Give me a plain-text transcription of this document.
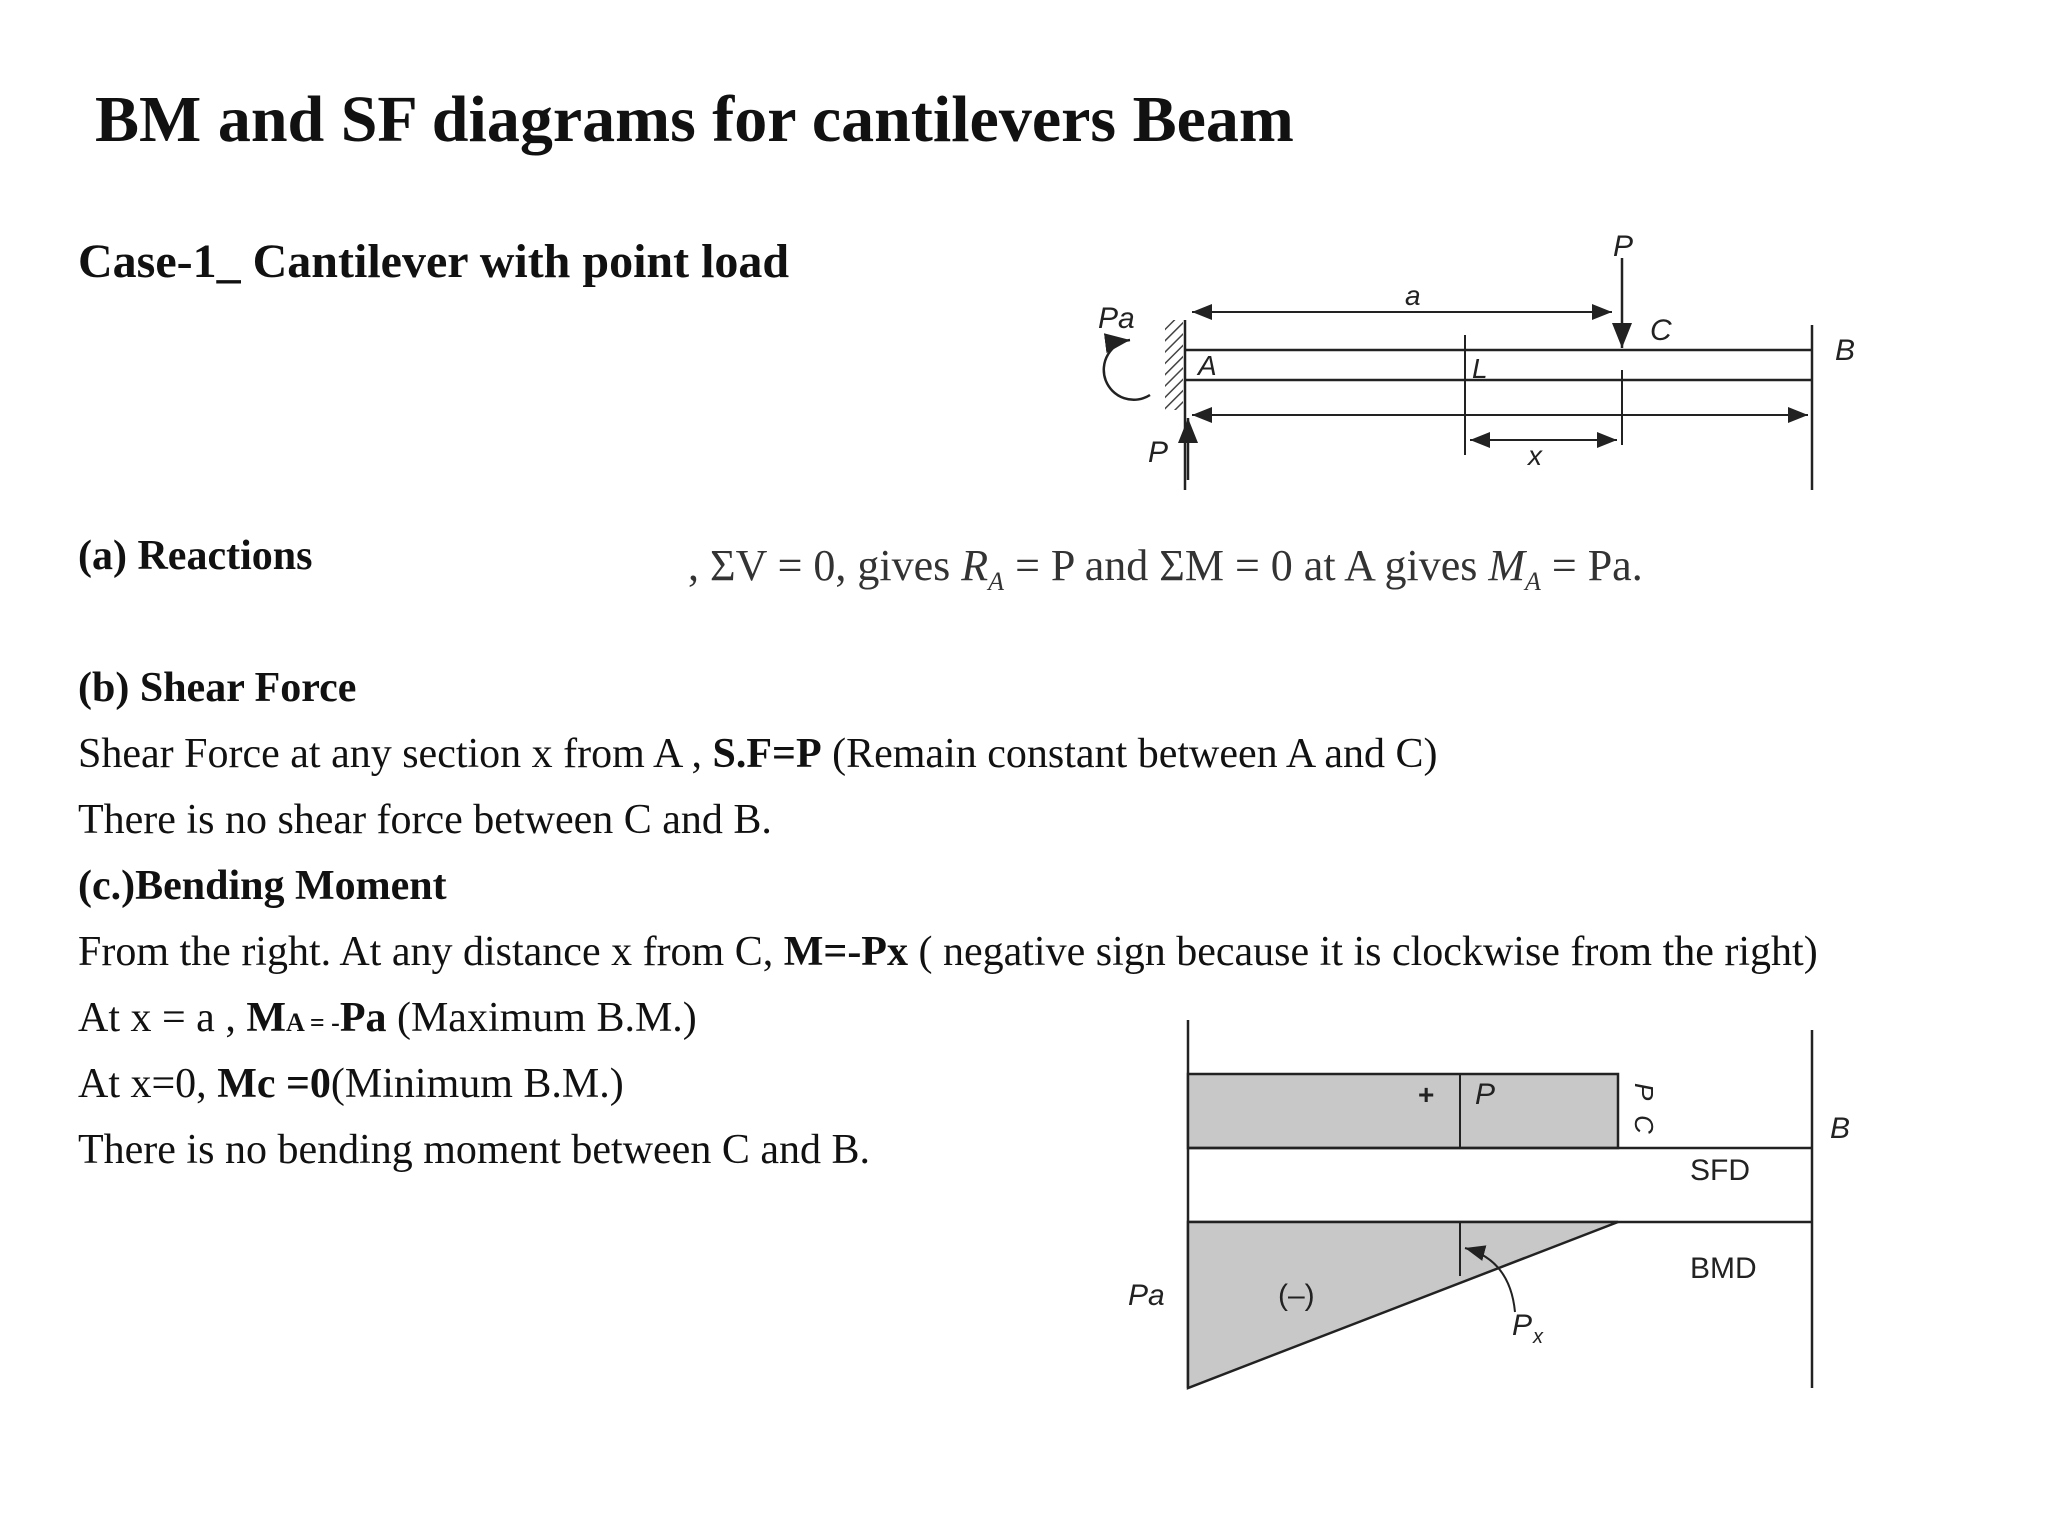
BM and SF diagrams for cantilevers Beam
Case-1_ Cantilever with point load
(a) Reactions	, ΣV = 0, gives $R_A = P$ and ΣM = 0 at A gives $M_A = Pa$.
(b) Shear Force
Shear Force at any section x from A , S.F=P (Remain constant between A and C)
There is no shear force between C and B.
(c.)Bending Moment
From the right. At any distance x from C, M=-Px ( negative sign because it is clockwise from the right)
At x = a , MA = -Pa (Maximum B.M.)
At x=0, Mc =0(Minimum B.M.)
There is no bending moment between C and B.
P
a
C
B
Pa
A	L
P	x
+ P	P
C	B
SFD
BMD
Pa	(–)
P x
